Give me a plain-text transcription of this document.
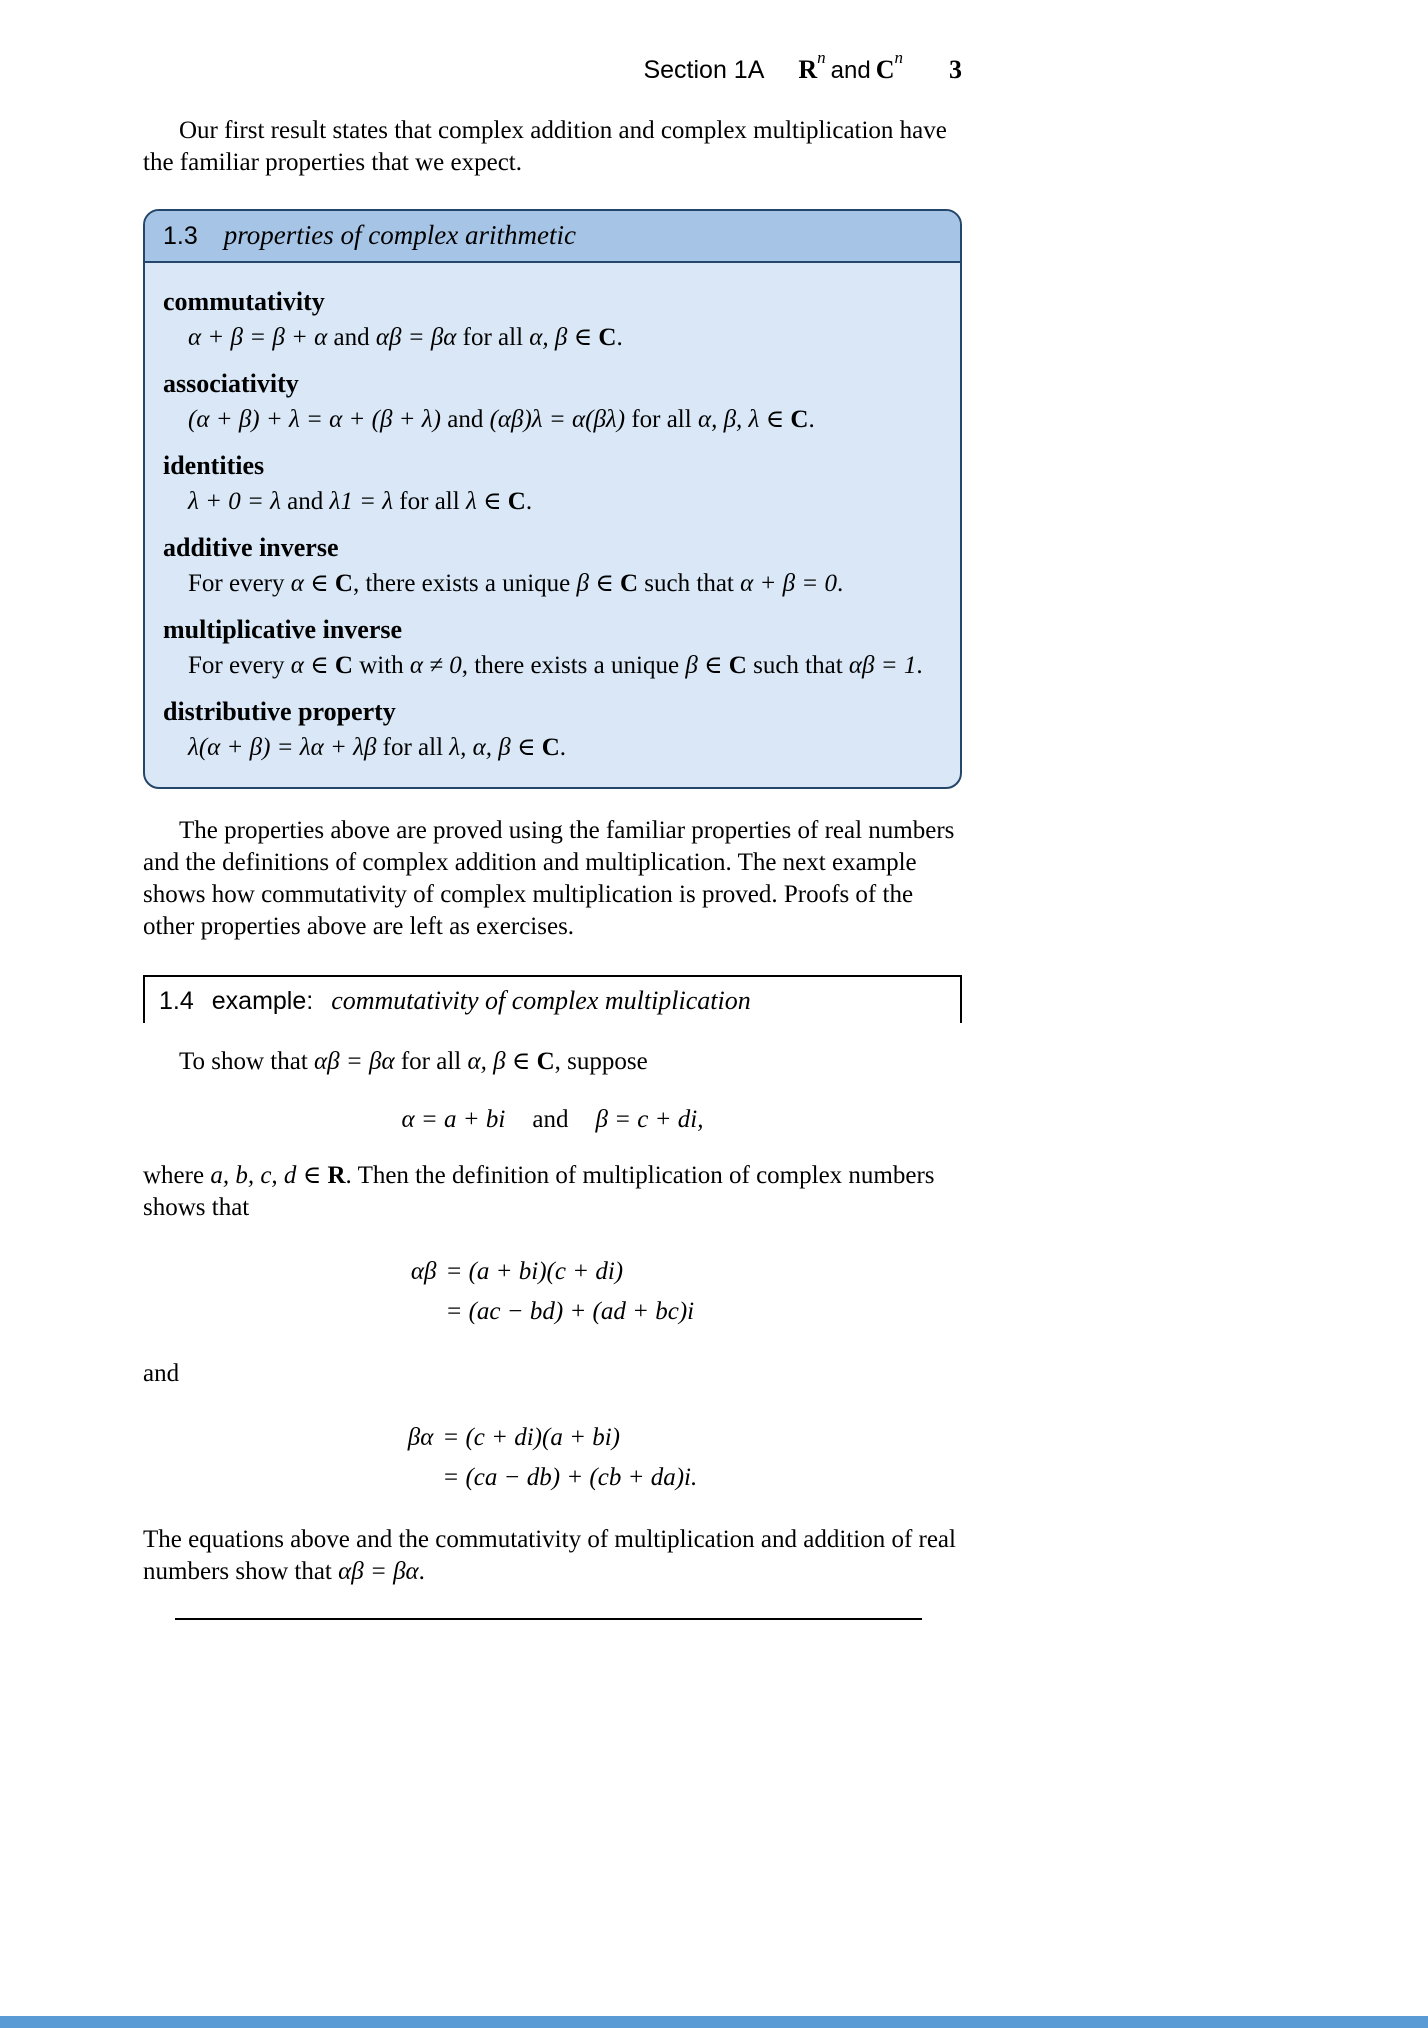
Section 1A $R^n$ and $C^n$ 3

Our first result states that complex addition and complex multiplication have the familiar properties that we expect.

1.3 properties of complex arithmetic
commutativity
α + β = β + α and αβ = βα for all α, β ∈ C.
associativity
(α + β) + λ = α + (β + λ) and (αβ)λ = α(βλ) for all α, β, λ ∈ C.
identities
λ + 0 = λ and λ1 = λ for all λ ∈ C.
additive inverse
For every α ∈ C, there exists a unique β ∈ C such that α + β = 0.
multiplicative inverse
For every α ∈ C with α ≠ 0, there exists a unique β ∈ C such that αβ = 1.
distributive property
λ(α + β) = λα + λβ for all λ, α, β ∈ C.

The properties above are proved using the familiar properties of real numbers and the definitions of complex addition and multiplication. The next example shows how commutativity of complex multiplication is proved. Proofs of the other properties above are left as exercises.

1.4 example: commutativity of complex multiplication

To show that αβ = βα for all α, β ∈ C, suppose

α = a + bi and β = c + di,

where a, b, c, d ∈ R. Then the definition of multiplication of complex numbers shows that

αβ = (a + bi)(c + di)
= (ac − bd) + (ad + bc)i

and

βα = (c + di)(a + bi)
= (ca − db) + (cb + da)i.

The equations above and the commutativity of multiplication and addition of real numbers show that αβ = βα.
